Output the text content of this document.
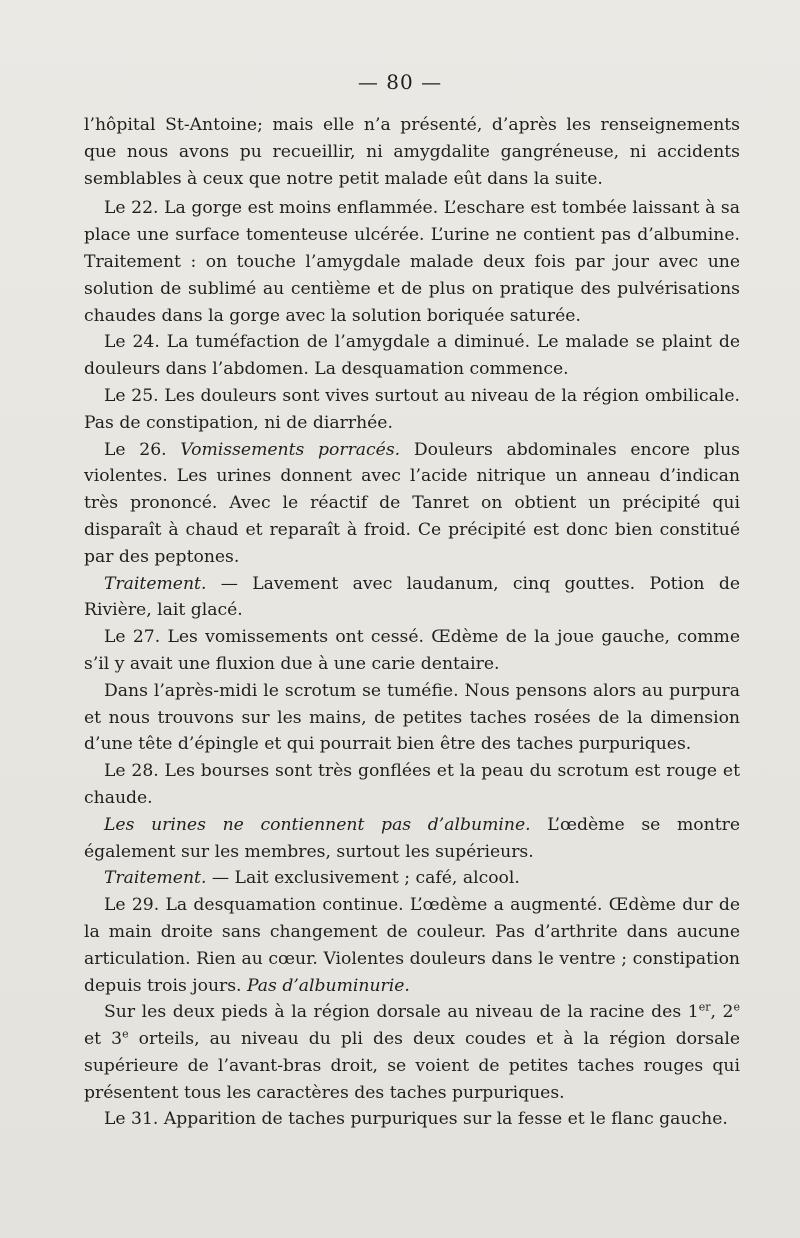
— 80 —

l’hôpital St-Antoine; mais elle n’a présenté, d’après les renseignements que nous avons pu recueillir, ni amygdalite gangréneuse, ni accidents semblables à ceux que notre petit malade eût dans la suite.

Le 22. La gorge est moins enflammée. L’eschare est tombée laissant à sa place une surface tomenteuse ulcérée. L’urine ne contient pas d’albumine. Traitement : on touche l’amygdale malade deux fois par jour avec une solution de sublimé au centième et de plus on pratique des pulvérisations chaudes dans la gorge avec la solution boriquée saturée.

Le 24. La tuméfaction de l’amygdale a diminué. Le malade se plaint de douleurs dans l’abdomen. La desquamation commence.

Le 25. Les douleurs sont vives surtout au niveau de la région ombilicale. Pas de constipation, ni de diarrhée.

Le 26. Vomissements porracés. Douleurs abdominales encore plus violentes. Les urines donnent avec l’acide nitrique un anneau d’indican très prononcé. Avec le réactif de Tanret on obtient un précipité qui disparaît à chaud et reparaît à froid. Ce précipité est donc bien constitué par des peptones.

Traitement. — Lavement avec laudanum, cinq gouttes. Potion de Rivière, lait glacé.

Le 27. Les vomissements ont cessé. Œdème de la joue gauche, comme s’il y avait une fluxion due à une carie dentaire.

Dans l’après-midi le scrotum se tuméfie. Nous pensons alors au purpura et nous trouvons sur les mains, de petites taches rosées de la dimension d’une tête d’épingle et qui pourrait bien être des taches purpuriques.

Le 28. Les bourses sont très gonflées et la peau du scrotum est rouge et chaude.

Les urines ne contiennent pas d’albumine. L’œdème se montre également sur les membres, surtout les supérieurs.

Traitement. — Lait exclusivement ; café, alcool.

Le 29. La desquamation continue. L’œdème a augmenté. Œdème dur de la main droite sans changement de couleur. Pas d’arthrite dans aucune articulation. Rien au cœur. Violentes douleurs dans le ventre ; constipation depuis trois jours. Pas d’albuminurie.

Sur les deux pieds à la région dorsale au niveau de la racine des 1er, 2e et 3e orteils, au niveau du pli des deux coudes et à la région dorsale supérieure de l’avant-bras droit, se voient de petites taches rouges qui présentent tous les caractères des taches purpuriques.

Le 31. Apparition de taches purpuriques sur la fesse et le flanc gauche.
